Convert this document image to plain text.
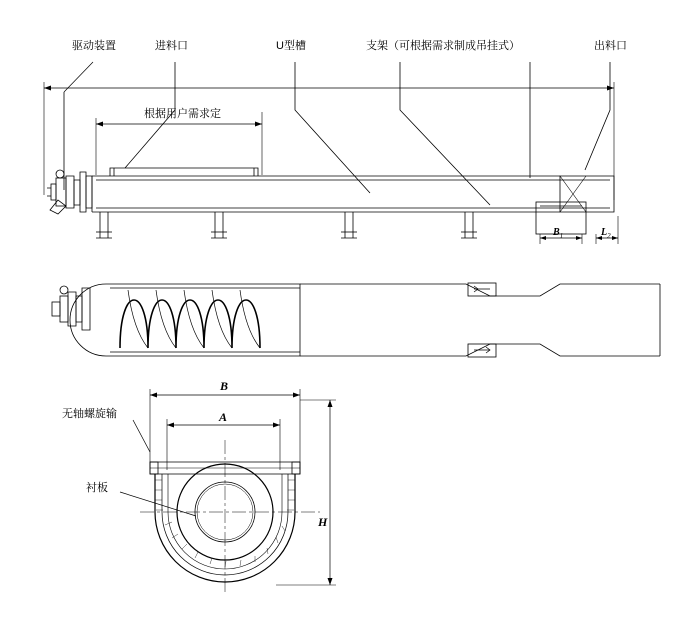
驱动装置	进料口	U型槽	支架（可根据需求制成吊挂式）	出料口
根据用户需求定
无轴螺旋输
衬板
$B_1$	$L_2$
B
A
H
